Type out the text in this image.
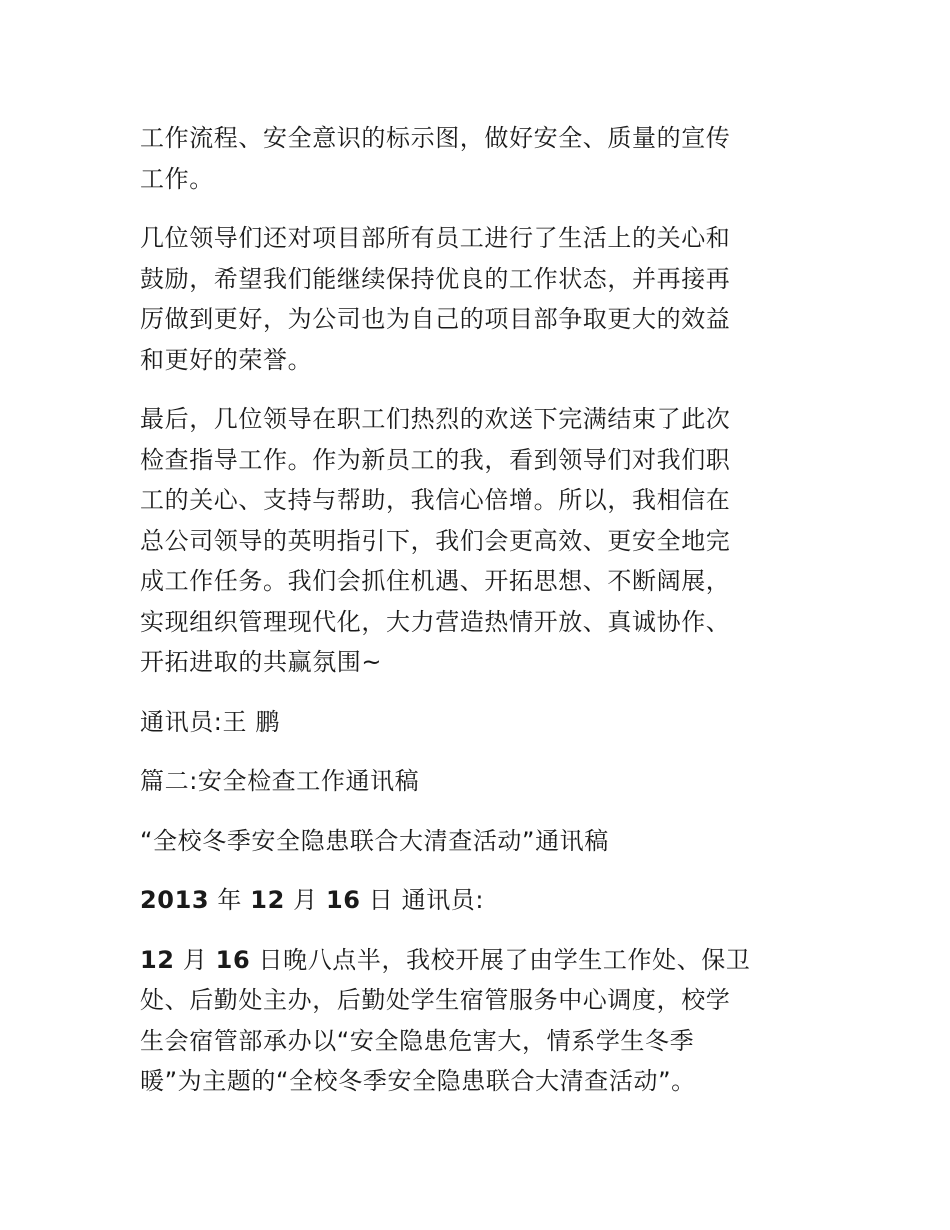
工作流程、安全意识的标示图，做好安全、质量的宣传
工作。

几位领导们还对项目部所有员工进行了生活上的关心和
鼓励，希望我们能继续保持优良的工作状态，并再接再
厉做到更好，为公司也为自己的项目部争取更大的效益
和更好的荣誉。

最后，几位领导在职工们热烈的欢送下完满结束了此次
检查指导工作。作为新员工的我，看到领导们对我们职
工的关心、支持与帮助，我信心倍增。所以，我相信在
总公司领导的英明指引下，我们会更高效、更安全地完
成工作任务。我们会抓住机遇、开拓思想、不断阔展，
实现组织管理现代化，大力营造热情开放、真诚协作、
开拓进取的共赢氛围~

通讯员:王 鹏

篇二:安全检查工作通讯稿

“全校冬季安全隐患联合大清查活动”通讯稿

2013 年 12 月 16 日 通讯员:

12 月 16 日晚八点半，我校开展了由学生工作处、保卫
处、后勤处主办，后勤处学生宿管服务中心调度，校学
生会宿管部承办以“安全隐患危害大，情系学生冬季
暖”为主题的“全校冬季安全隐患联合大清查活动”。
